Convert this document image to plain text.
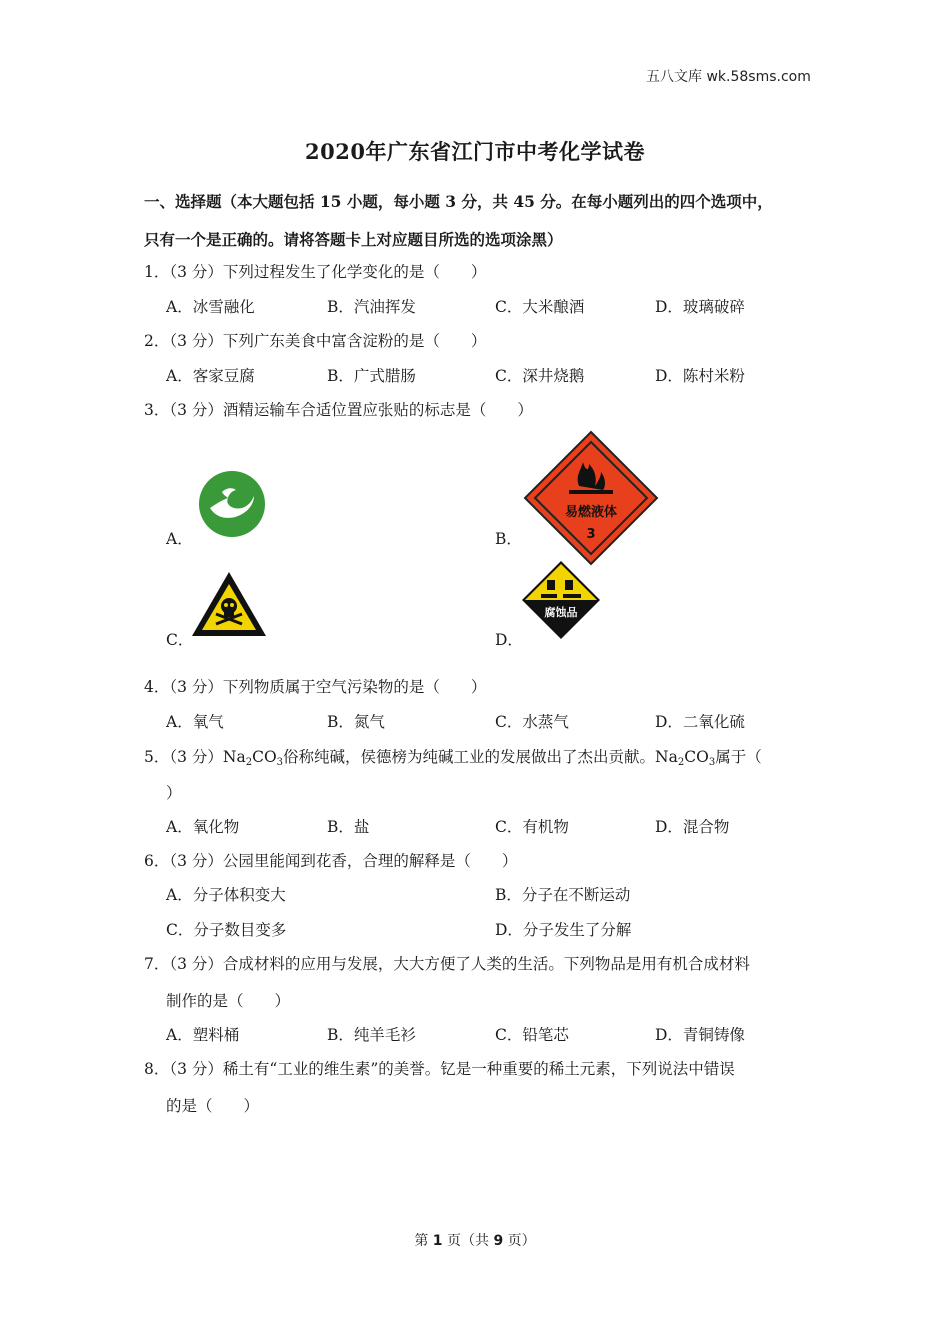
五八文库 wk.58sms.com
2020年广东省江门市中考化学试卷
一、选择题（本大题包括 15 小题，每小题 3 分，共 45 分。在每小题列出的四个选项中，
只有一个是正确的。请将答题卡上对应题目所选的选项涂黑）
1．（3 分）下列过程发生了化学变化的是（　　）
A．冰雪融化	B．汽油挥发	C．大米酿酒	D．玻璃破碎
2．（3 分）下列广东美食中富含淀粉的是（　　）
A．客家豆腐	B．广式腊肠	C．深井烧鹅	D．陈村米粉
3．（3 分）酒精运输车合适位置应张贴的标志是（　　）
A．	B．
易燃液体
3
C．	D．
腐蚀品
4．（3 分）下列物质属于空气污染物的是（　　）
A．氧气	B．氮气	C．水蒸气	D．二氧化硫
5．（3 分）$Na_2CO_3$俗称纯碱，侯德榜为纯碱工业的发展做出了杰出贡献。$Na_2CO_3$属于（
）
A．氧化物	B．盐	C．有机物	D．混合物
6．（3 分）公园里能闻到花香，合理的解释是（　　）
A．分子体积变大	B．分子在不断运动
C．分子数目变多	D．分子发生了分解
7．（3 分）合成材料的应用与发展，大大方便了人类的生活。下列物品是用有机合成材料
制作的是（　　）
A．塑料桶	B．纯羊毛衫	C．铅笔芯	D．青铜铸像
8．（3 分）稀土有“工业的维生素”的美誉。钇是一种重要的稀土元素，下列说法中错误
的是（　　）
第 1 页（共 9 页）
